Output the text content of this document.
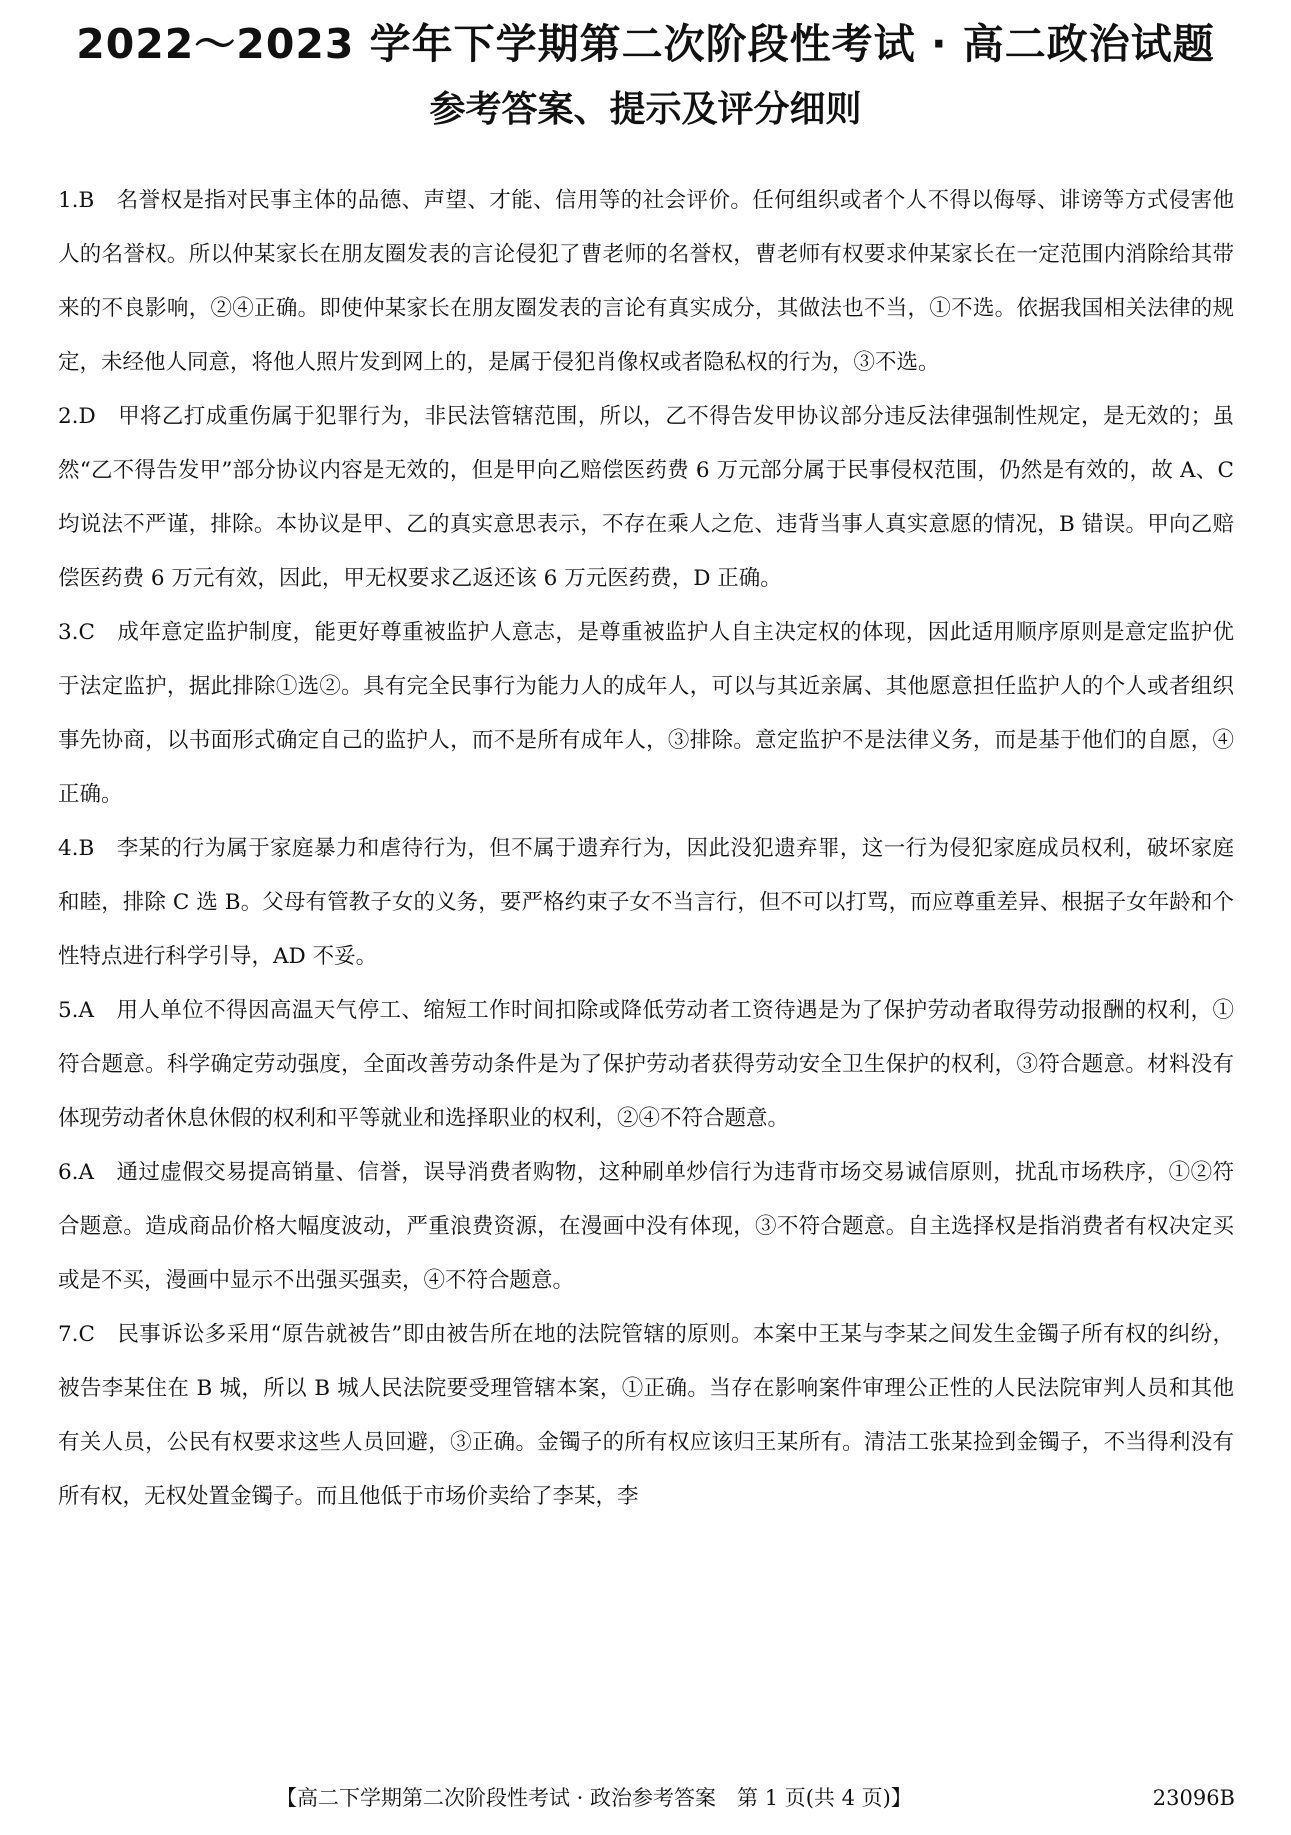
2022～2023 学年下学期第二次阶段性考试 · 高二政治试题
参考答案、提示及评分细则
1.B 名誉权是指对民事主体的品德、声望、才能、信用等的社会评价。任何组织或者个人不得以侮辱、诽谤等方式侵害他人的名誉权。所以仲某家长在朋友圈发表的言论侵犯了曹老师的名誉权，曹老师有权要求仲某家长在一定范围内消除给其带来的不良影响，②④正确。即使仲某家长在朋友圈发表的言论有真实成分，其做法也不当，①不选。依据我国相关法律的规定，未经他人同意，将他人照片发到网上的，是属于侵犯肖像权或者隐私权的行为，③不选。
2.D 甲将乙打成重伤属于犯罪行为，非民法管辖范围，所以，乙不得告发甲协议部分违反法律强制性规定，是无效的；虽然“乙不得告发甲”部分协议内容是无效的，但是甲向乙赔偿医药费 6 万元部分属于民事侵权范围，仍然是有效的，故 A、C 均说法不严谨，排除。本协议是甲、乙的真实意思表示，不存在乘人之危、违背当事人真实意愿的情况，B 错误。甲向乙赔偿医药费 6 万元有效，因此，甲无权要求乙返还该 6 万元医药费，D 正确。
3.C 成年意定监护制度，能更好尊重被监护人意志，是尊重被监护人自主决定权的体现，因此适用顺序原则是意定监护优于法定监护，据此排除①选②。具有完全民事行为能力人的成年人，可以与其近亲属、其他愿意担任监护人的个人或者组织事先协商，以书面形式确定自己的监护人，而不是所有成年人，③排除。意定监护不是法律义务，而是基于他们的自愿，④正确。
4.B 李某的行为属于家庭暴力和虐待行为，但不属于遗弃行为，因此没犯遗弃罪，这一行为侵犯家庭成员权利，破坏家庭和睦，排除 C 选 B。父母有管教子女的义务，要严格约束子女不当言行，但不可以打骂，而应尊重差异、根据子女年龄和个性特点进行科学引导，AD 不妥。
5.A 用人单位不得因高温天气停工、缩短工作时间扣除或降低劳动者工资待遇是为了保护劳动者取得劳动报酬的权利，①符合题意。科学确定劳动强度，全面改善劳动条件是为了保护劳动者获得劳动安全卫生保护的权利，③符合题意。材料没有体现劳动者休息休假的权利和平等就业和选择职业的权利，②④不符合题意。
6.A 通过虚假交易提高销量、信誉，误导消费者购物，这种刷单炒信行为违背市场交易诚信原则，扰乱市场秩序，①②符合题意。造成商品价格大幅度波动，严重浪费资源，在漫画中没有体现，③不符合题意。自主选择权是指消费者有权决定买或是不买，漫画中显示不出强买强卖，④不符合题意。
7.C 民事诉讼多采用“原告就被告”即由被告所在地的法院管辖的原则。本案中王某与李某之间发生金镯子所有权的纠纷，被告李某住在 B 城，所以 B 城人民法院要受理管辖本案，①正确。当存在影响案件审理公正性的人民法院审判人员和其他有关人员，公民有权要求这些人员回避，③正确。金镯子的所有权应该归王某所有。清洁工张某捡到金镯子，不当得利没有所有权，无权处置金镯子。而且他低于市场价卖给了李某，李
【高二下学期第二次阶段性考试 · 政治参考答案　第 1 页(共 4 页)】	23096B
